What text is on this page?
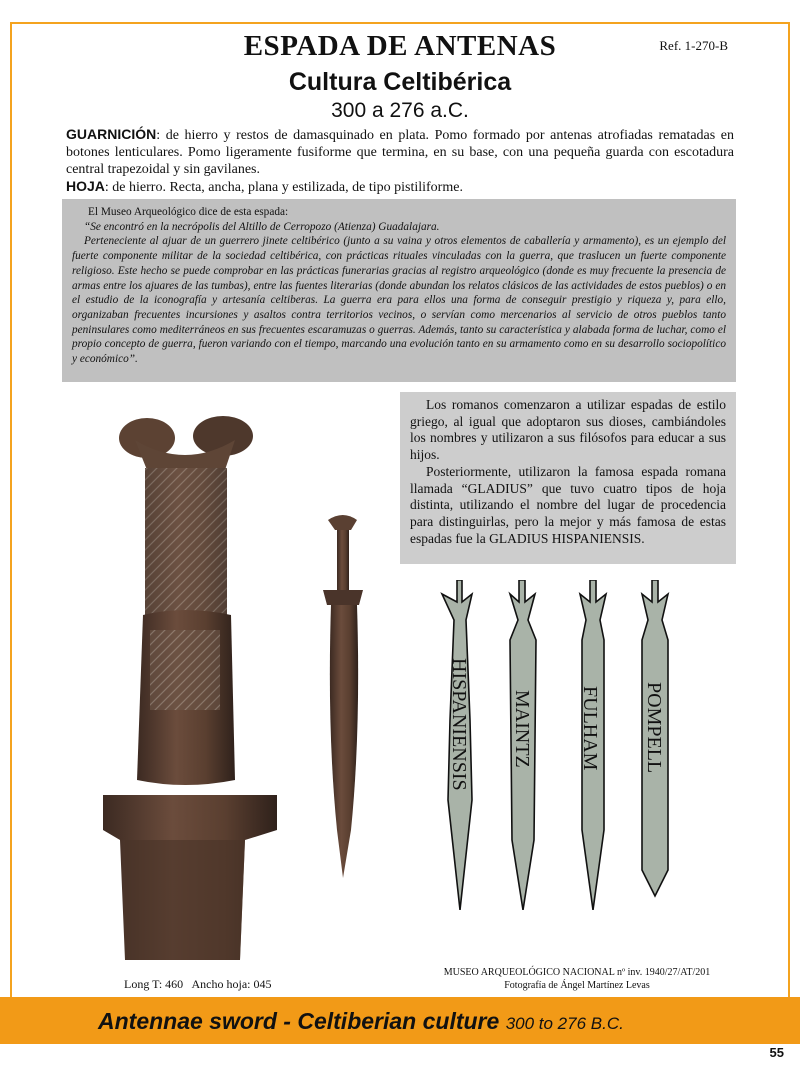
ESPADA DE ANTENAS
Cultura Celtibérica
300 a 276 a.C.
Ref. 1-270-B
GUARNICIÓN: de hierro y restos de damasquinado en plata. Pomo formado por antenas atrofiadas rematadas en botones lenticulares. Pomo ligeramente fusiforme que termina, en su base, con una pequeña guarda con escotadura central trapezoidal y sin gavilanes.
HOJA: de hierro. Recta, ancha, plana y estilizada, de tipo pistiliforme.

El Museo Arqueológico dice de esta espada:

“Se encontró en la necrópolis del Altillo de Cerropozo (Atienza) Guadalajara.

Perteneciente al ajuar de un guerrero jinete celtibérico (junto a su vaina y otros elementos de caballería y armamento), es un ejemplo del fuerte componente militar de la sociedad celtibérica, con prácticas rituales vinculadas con la guerra, que traslucen un fuerte componente religioso. Este hecho se puede comprobar en las prácticas funerarias gracias al registro arqueológico (donde es muy frecuente la presencia de armas entre los ajuares de las tumbas), entre las fuentes literarias (donde abundan los relatos clásicos de las actividades de estos pueblos) o en el estudio de la iconografía y artesanía celtiberas. La guerra era para ellos una forma de conseguir prestigio y riqueza y, para ello, organizaban frecuentes incursiones y asaltos contra territorios vecinos, o servían como mercenarios al servicio de otros pueblos tanto peninsulares como mediterráneos en sus frecuentes escaramuzas o guerras. Además, tanto su característica y alabada forma de luchar, como el propio concepto de guerra, fueron variando con el tiempo, marcando una evolución tanto en su armamento como en su desarrollo sociopolítico y económico”.

Los romanos comenzaron a utilizar espadas de estilo griego, al igual que adoptaron sus dioses, cambiándoles los nombres y utilizaron a sus filósofos para educar a sus hijos.

Posteriormente, utilizaron la famosa espada romana llamada “GLADIUS” que tuvo cuatro tipos de hoja distinta, utilizando el nombre del lugar de procedencia para distinguirlas, pero la mejor y más famosa de estas espadas fue la GLADIUS HISPANIENSIS.

HISPANIENSIS MAINTZ FULHAM POMPELL
Long T: 460   Ancho hoja: 045
MUSEO ARQUEOLÓGICO NACIONAL nº inv. 1940/27/AT/201
Fotografía de Ángel Martínez Levas
Antennae sword - Celtiberian culture 300 to 276 B.C.
55
